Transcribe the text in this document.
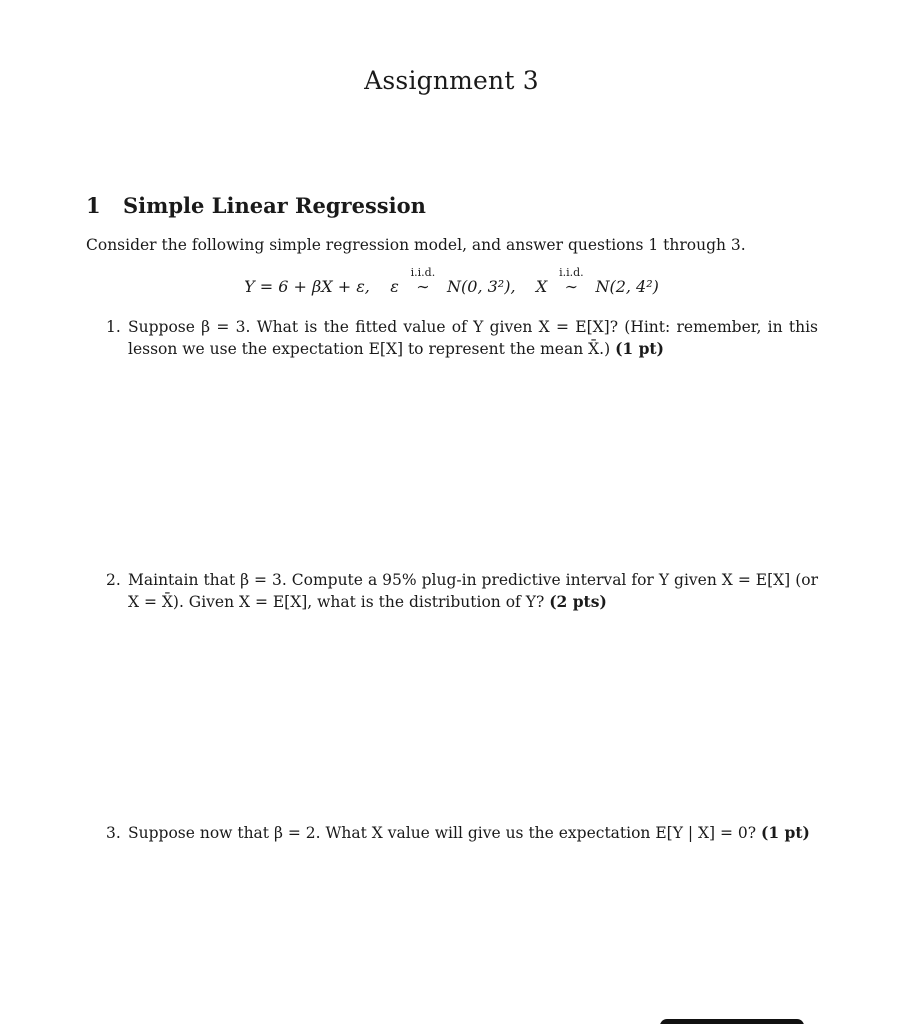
Assignment 3
1 Simple Linear Regression
Consider the following simple regression model, and answer questions 1 through 3.
Y = 6 + βX + ε, ε
i.i.d.
∼ N(0, 3²), X
i.i.d.
∼ N(2, 4²)
1. Suppose β = 3. What is the fitted value of Y given X = E[X]? (Hint: remember, in this lesson we use the expectation E[X] to represent the mean X̄.) (1 pt)
2. Maintain that β = 3. Compute a 95% plug-in predictive interval for Y given X = E[X] (or X = X̄). Given X = E[X], what is the distribution of Y? (2 pts)
3. Suppose now that β = 2. What X value will give us the expectation E[Y | X] = 0? (1 pt)
